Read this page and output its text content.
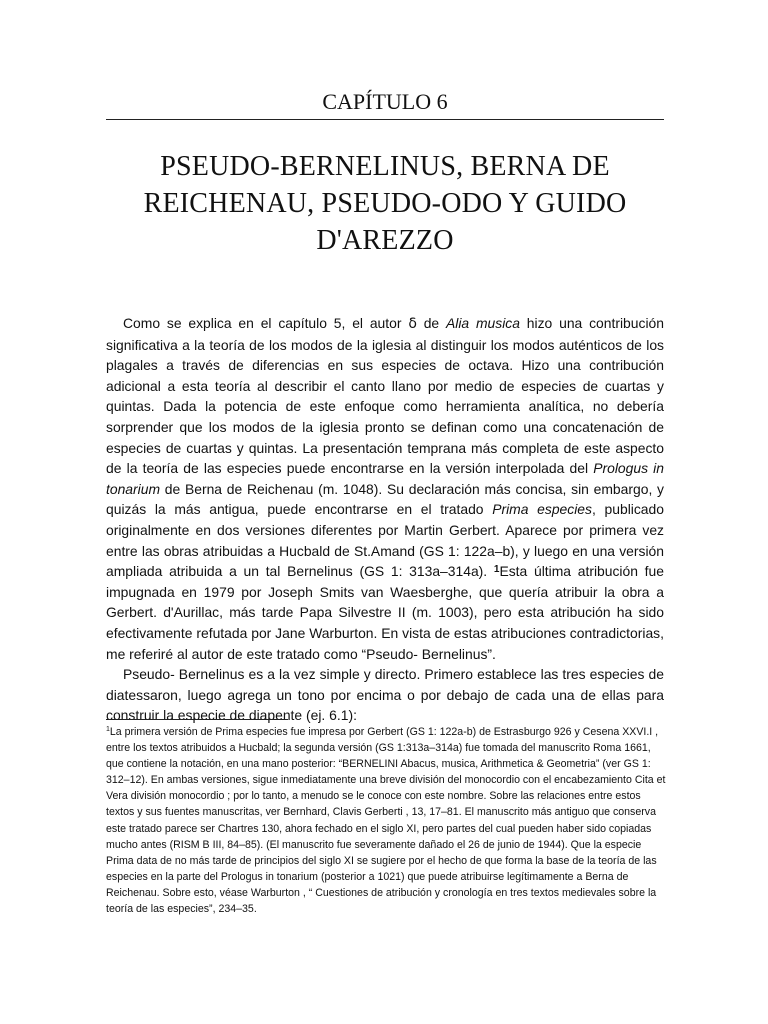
CAPÍTULO 6
PSEUDO-BERNELINUS, BERNA DE
REICHENAU, PSEUDO-ODO Y GUIDO
D'AREZZO

Como se explica en el capítulo 5, el autor δ de Alia musica hizo una contribución significativa a la teoría de los modos de la iglesia al distinguir los modos auténticos de los plagales a través de diferencias en sus especies de octava. Hizo una contribución adicional a esta teoría al describir el canto llano por medio de especies de cuartas y quintas. Dada la potencia de este enfoque como herramienta analítica, no debería sorprender que los modos de la iglesia pronto se definan como una concatenación de especies de cuartas y quintas. La presentación temprana más completa de este aspecto de la teoría de las especies puede encontrarse en la versión interpolada del Prologus in tonarium de Berna de Reichenau (m. 1048). Su declaración más concisa, sin embargo, y quizás la más antigua, puede encontrarse en el tratado Prima especies, publicado originalmente en dos versiones diferentes por Martin Gerbert. Aparece por primera vez entre las obras atribuidas a Hucbald de St.Amand (GS 1: 122a–b), y luego en una versión ampliada atribuida a un tal Bernelinus (GS 1: 313a–314a). $^1$Esta última atribución fue impugnada en 1979 por Joseph Smits van Waesberghe, que quería atribuir la obra a Gerbert. d'Aurillac, más tarde Papa Silvestre II (m. 1003), pero esta atribución ha sido efectivamente refutada por Jane Warburton. En vista de estas atribuciones contradictorias, me referiré al autor de este tratado como “Pseudo- Bernelinus”.

Pseudo- Bernelinus es a la vez simple y directo. Primero establece las tres especies de diatessaron, luego agrega un tono por encima o por debajo de cada una de ellas para construir la especie de diapente (ej. 6.1):

$^1$La primera versión de Prima especies fue impresa por Gerbert (GS 1: 122a-b) de Estrasburgo 926 y Cesena XXVI.I , entre los textos atribuidos a Hucbald; la segunda versión (GS 1:313a–314a) fue tomada del manuscrito Roma 1661, que contiene la notación, en una mano posterior: “BERNELINI Abacus, musica, Arithmetica & Geometria” (ver GS 1: 312–12). En ambas versiones, sigue inmediatamente una breve división del monocordio con el encabezamiento Cita et Vera división monocordio ; por lo tanto, a menudo se le conoce con este nombre. Sobre las relaciones entre estos textos y sus fuentes manuscritas, ver Bernhard, Clavis Gerberti , 13, 17–81. El manuscrito más antiguo que conserva este tratado parece ser Chartres 130, ahora fechado en el siglo XI, pero partes del cual pueden haber sido copiadas mucho antes (RISM B III, 84–85). (El manuscrito fue severamente dañado el 26 de junio de 1944). Que la especie Prima data de no más tarde de principios del siglo XI se sugiere por el hecho de que forma la base de la teoría de las especies en la parte del Prologus in tonarium (posterior a 1021) que puede atribuirse legítimamente a Berna de Reichenau. Sobre esto, véase Warburton , “ Cuestiones de atribución y cronología en tres textos medievales sobre la teoría de las especies”, 234–35.
